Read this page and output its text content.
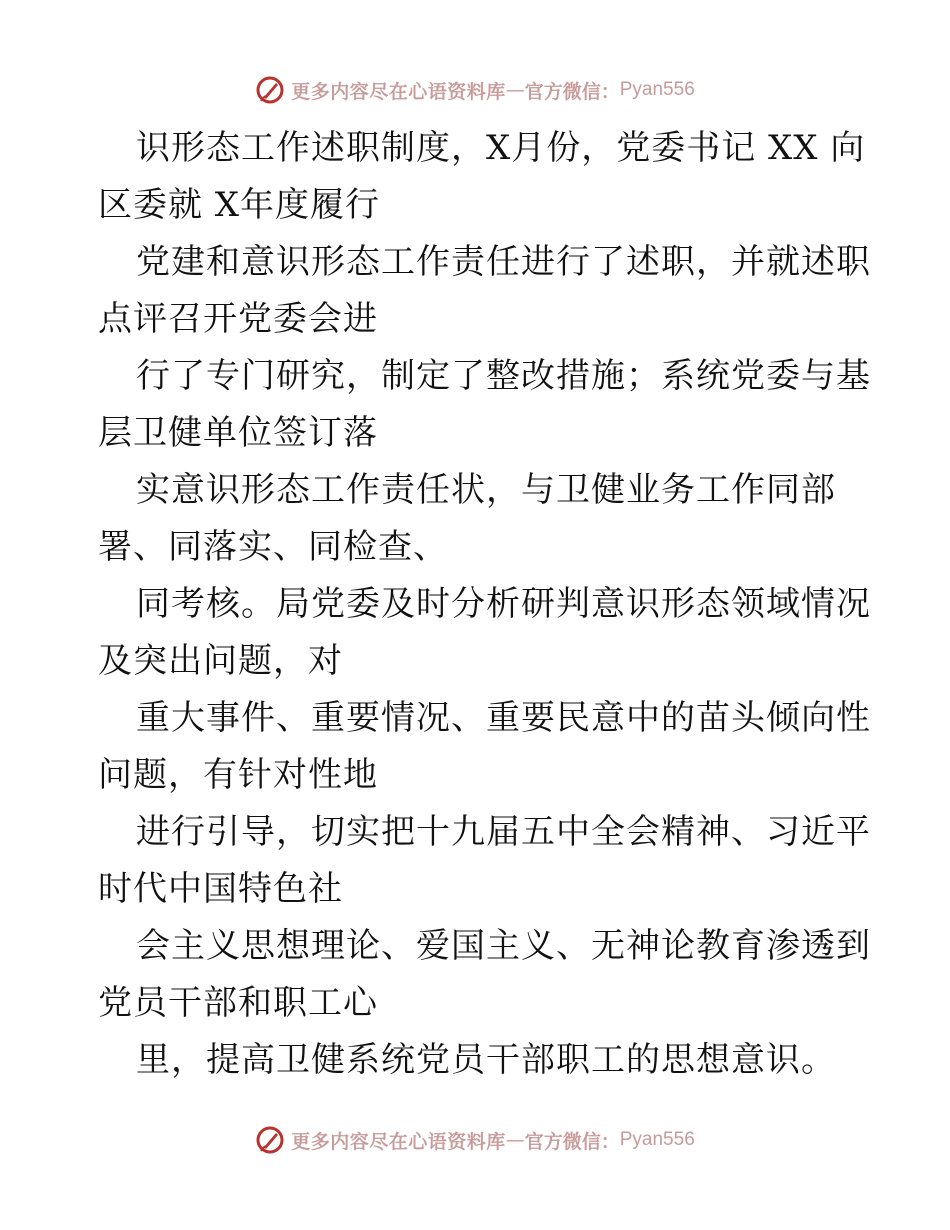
更多内容尽在心语资料库 — 官方微信： Pyan556
识形态工作述职制度，X月份，党委书记 XX 向
区委就 X年度履行
党建和意识形态工作责任进行了述职，并就述职
点评召开党委会进
行了专门研究，制定了整改措施；系统党委与基
层卫健单位签订落
实意识形态工作责任状，与卫健业务工作同部
署、同落实、同检查、
同考核。局党委及时分析研判意识形态领域情况
及突出问题，对
重大事件、重要情况、重要民意中的苗头倾向性
问题，有针对性地
进行引导，切实把十九届五中全会精神、习近平
时代中国特色社
会主义思想理论、爱国主义、无神论教育渗透到
党员干部和职工心
里，提高卫健系统党员干部职工的思想意识。
更多内容尽在心语资料库 — 官方微信： Pyan556
